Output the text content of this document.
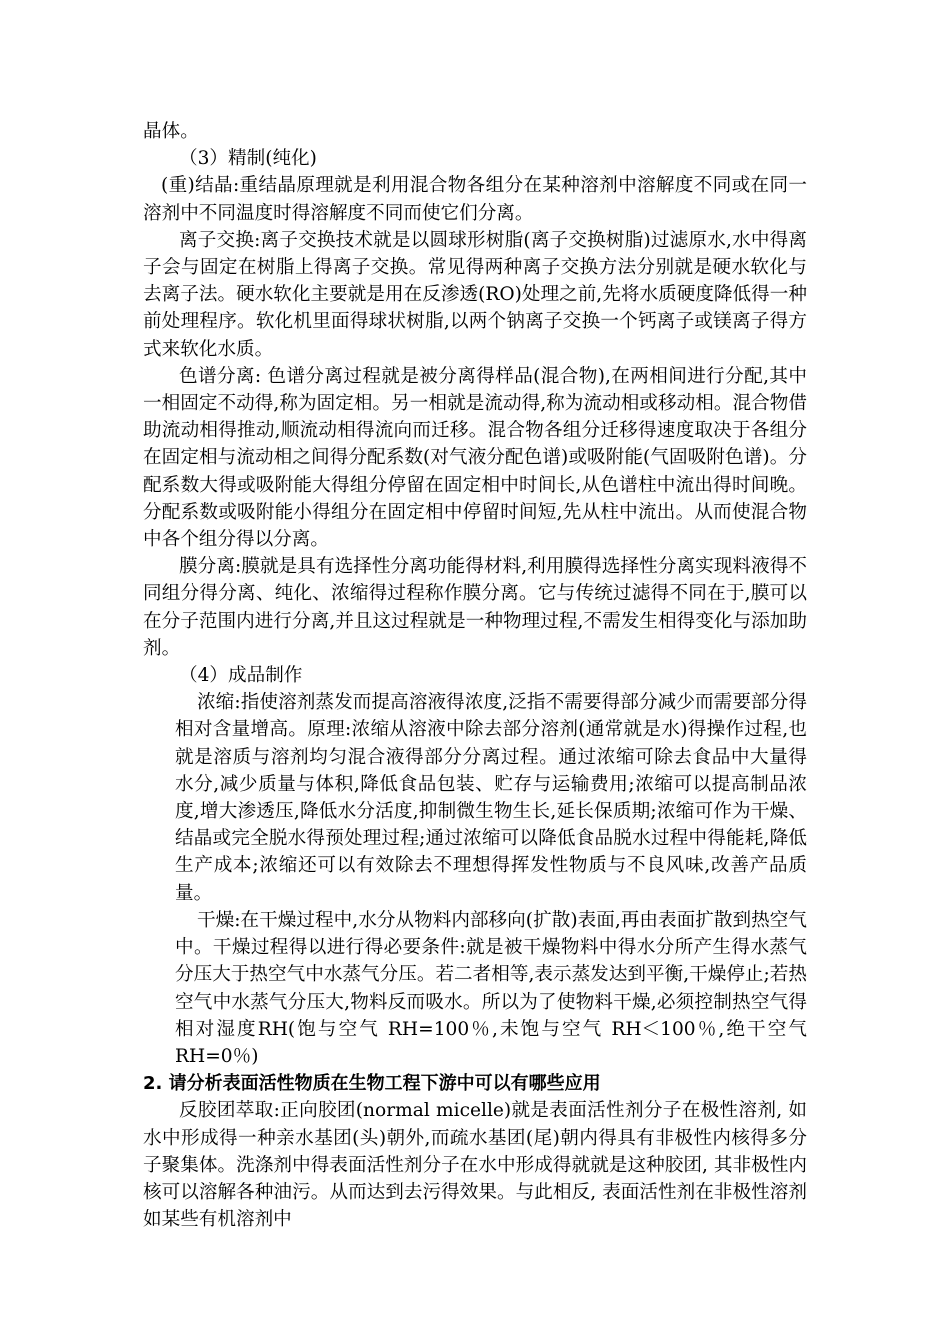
晶体。

（3）精制(纯化)

(重)结晶:重结晶原理就是利用混合物各组分在某种溶剂中溶解度不同或在同一溶剂中不同温度时得溶解度不同而使它们分离。

离子交换:离子交换技术就是以圆球形树脂(离子交换树脂)过滤原水,水中得离子会与固定在树脂上得离子交换。常见得两种离子交换方法分别就是硬水软化与去离子法。硬水软化主要就是用在反渗透(RO)处理之前,先将水质硬度降低得一种前处理程序。软化机里面得球状树脂,以两个钠离子交换一个钙离子或镁离子得方式来软化水质。

色谱分离: 色谱分离过程就是被分离得样品(混合物),在两相间进行分配,其中一相固定不动得,称为固定相。另一相就是流动得,称为流动相或移动相。混合物借助流动相得推动,顺流动相得流向而迁移。混合物各组分迁移得速度取决于各组分在固定相与流动相之间得分配系数(对气液分配色谱)或吸附能(气固吸附色谱)。分配系数大得或吸附能大得组分停留在固定相中时间长,从色谱柱中流出得时间晚。分配系数或吸附能小得组分在固定相中停留时间短,先从柱中流出。从而使混合物中各个组分得以分离。

膜分离:膜就是具有选择性分离功能得材料,利用膜得选择性分离实现料液得不同组分得分离、纯化、浓缩得过程称作膜分离。它与传统过滤得不同在于,膜可以在分子范围内进行分离,并且这过程就是一种物理过程,不需发生相得变化与添加助剂。

（4）成品制作

浓缩:指使溶剂蒸发而提高溶液得浓度,泛指不需要得部分减少而需要部分得相对含量增高。原理:浓缩从溶液中除去部分溶剂(通常就是水)得操作过程,也就是溶质与溶剂均匀混合液得部分分离过程。通过浓缩可除去食品中大量得水分,减少质量与体积,降低食品包装、贮存与运输费用;浓缩可以提高制品浓度,增大渗透压,降低水分活度,抑制微生物生长,延长保质期;浓缩可作为干燥、结晶或完全脱水得预处理过程;通过浓缩可以降低食品脱水过程中得能耗,降低生产成本;浓缩还可以有效除去不理想得挥发性物质与不良风味,改善产品质量。

干燥:在干燥过程中,水分从物料内部移向(扩散)表面,再由表面扩散到热空气中。干燥过程得以进行得必要条件:就是被干燥物料中得水分所产生得水蒸气分压大于热空气中水蒸气分压。若二者相等,表示蒸发达到平衡,干燥停止;若热空气中水蒸气分压大,物料反而吸水。所以为了使物料干燥,必须控制热空气得相对湿度RH(饱与空气 RH=100％,未饱与空气 RH＜100％,绝干空气 RH=0％)

2. 请分析表面活性物质在生物工程下游中可以有哪些应用

反胶团萃取:正向胶团(normal micelle)就是表面活性剂分子在极性溶剂, 如水中形成得一种亲水基团(头)朝外,而疏水基团(尾)朝内得具有非极性内核得多分子聚集体。洗涤剂中得表面活性剂分子在水中形成得就就是这种胶团, 其非极性内核可以溶解各种油污。从而达到去污得效果。与此相反, 表面活性剂在非极性溶剂如某些有机溶剂中
